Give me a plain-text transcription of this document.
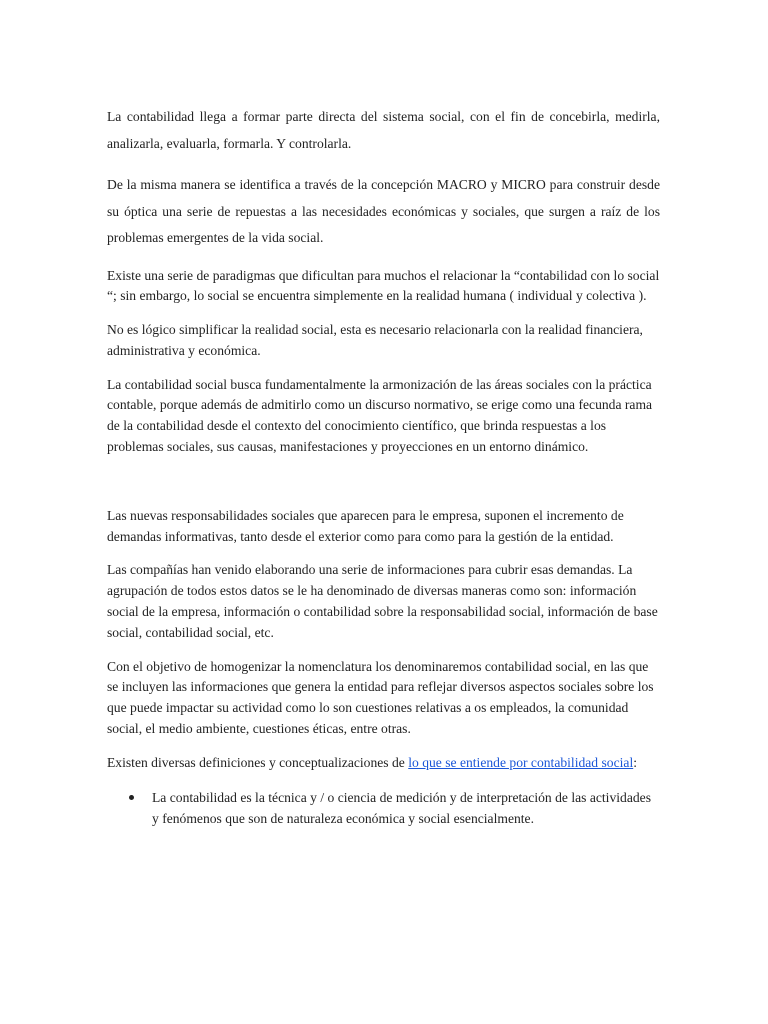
La contabilidad llega a formar parte directa del sistema social, con el fin de concebirla, medirla, analizarla, evaluarla, formarla. Y controlarla.

De la misma manera se identifica a través de la concepción MACRO y MICRO para construir desde su óptica una serie de repuestas a las necesidades económicas y sociales, que surgen a raíz de los problemas emergentes de la vida social.

Existe una serie de paradigmas que dificultan para muchos el relacionar la “contabilidad con lo social “; sin embargo, lo social se encuentra simplemente en la realidad humana ( individual y colectiva ).

No es lógico simplificar la realidad social, esta es necesario relacionarla con la realidad financiera, administrativa y económica.

La contabilidad social busca fundamentalmente la armonización de las áreas sociales con la práctica contable, porque además de admitirlo como un discurso normativo, se erige como una fecunda rama de la contabilidad desde el contexto del conocimiento científico, que brinda respuestas a los problemas sociales, sus causas, manifestaciones y proyecciones en un entorno dinámico.

Las nuevas responsabilidades sociales que aparecen para le empresa, suponen el incremento de demandas informativas, tanto desde el exterior como para como para la gestión de la entidad.

Las compañías han venido elaborando una serie de informaciones para cubrir esas demandas. La agrupación de todos estos datos se le ha denominado de diversas maneras como son: información social de la empresa, información o contabilidad sobre la responsabilidad social, información de base social, contabilidad social, etc.

Con el objetivo de homogenizar la nomenclatura los denominaremos contabilidad social, en las que se incluyen las informaciones que genera la entidad para reflejar diversos aspectos sociales sobre los que puede impactar su actividad como lo son cuestiones relativas a os empleados, la comunidad social, el medio ambiente, cuestiones éticas, entre otras.

Existen diversas definiciones y conceptualizaciones de lo que se entiende por contabilidad social:

La contabilidad es la técnica y / o ciencia de medición y de interpretación de las actividades y fenómenos que son de naturaleza económica y social esencialmente.
